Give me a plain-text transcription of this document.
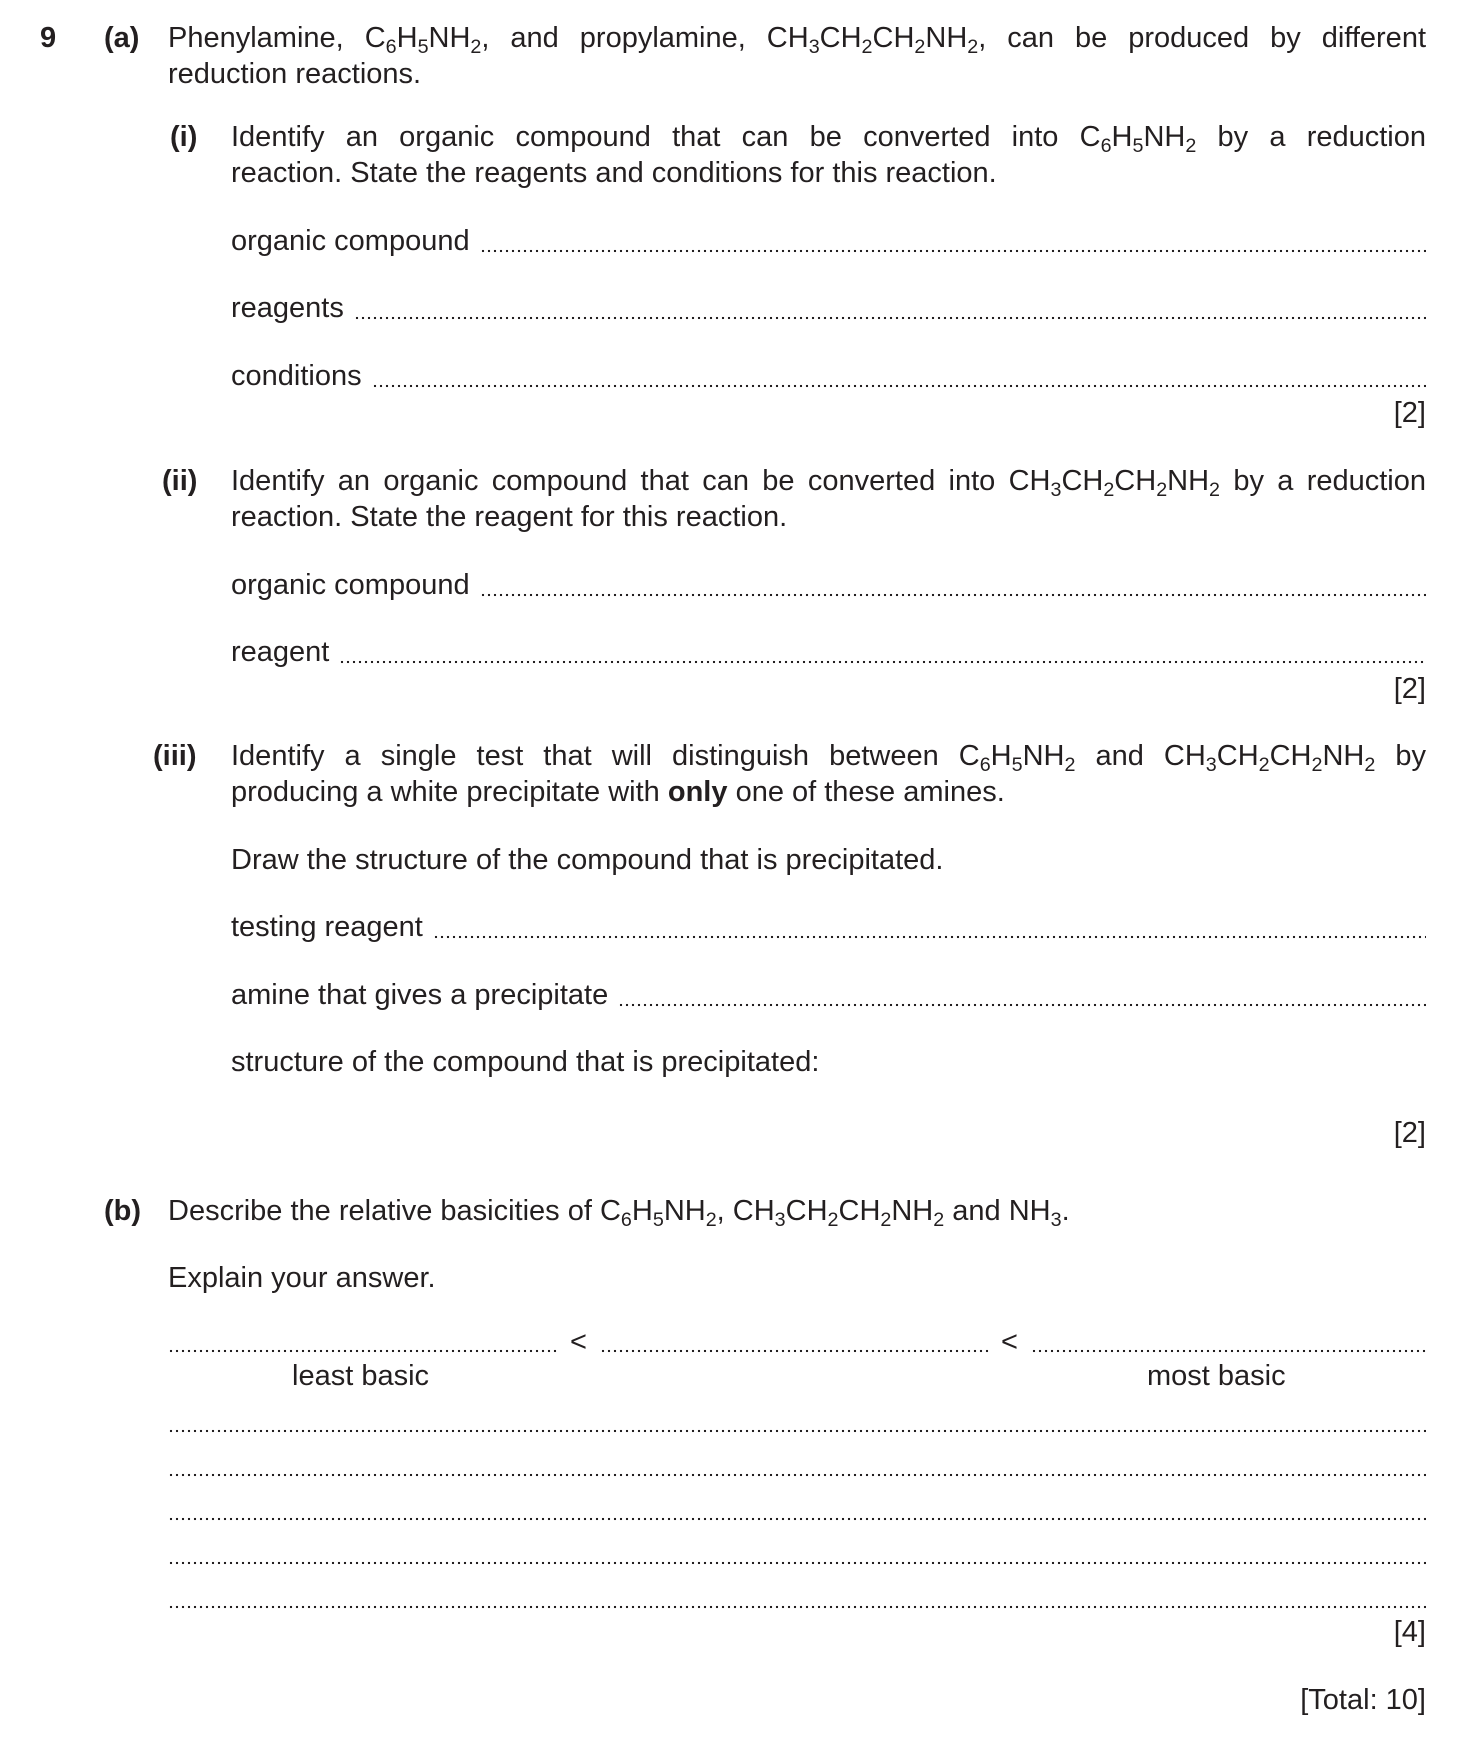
9 (a) Phenylamine, $C_6H_5NH_2$, and propylamine, $CH_3CH_2CH_2NH_2$, can be produced by different
reduction reactions.
(i) Identify an organic compound that can be converted into $C_6H_5NH_2$ by a reduction
reaction. State the reagents and conditions for this reaction.
organic compound
reagents
conditions
[2]
(ii) Identify an organic compound that can be converted into $CH_3CH_2CH_2NH_2$ by a reduction
reaction. State the reagent for this reaction.
organic compound
reagent
[2]
(iii) Identify a single test that will distinguish between $C_6H_5NH_2$ and $CH_3CH_2CH_2NH_2$ by
producing a white precipitate with only one of these amines.
Draw the structure of the compound that is precipitated.
testing reagent
amine that gives a precipitate
structure of the compound that is precipitated:
[2]
(b) Describe the relative basicities of $C_6H_5NH_2$, $CH_3CH_2CH_2NH_2$ and $NH_3$.
Explain your answer.
<	<
least basic	most basic
[4]
[Total: 10]
